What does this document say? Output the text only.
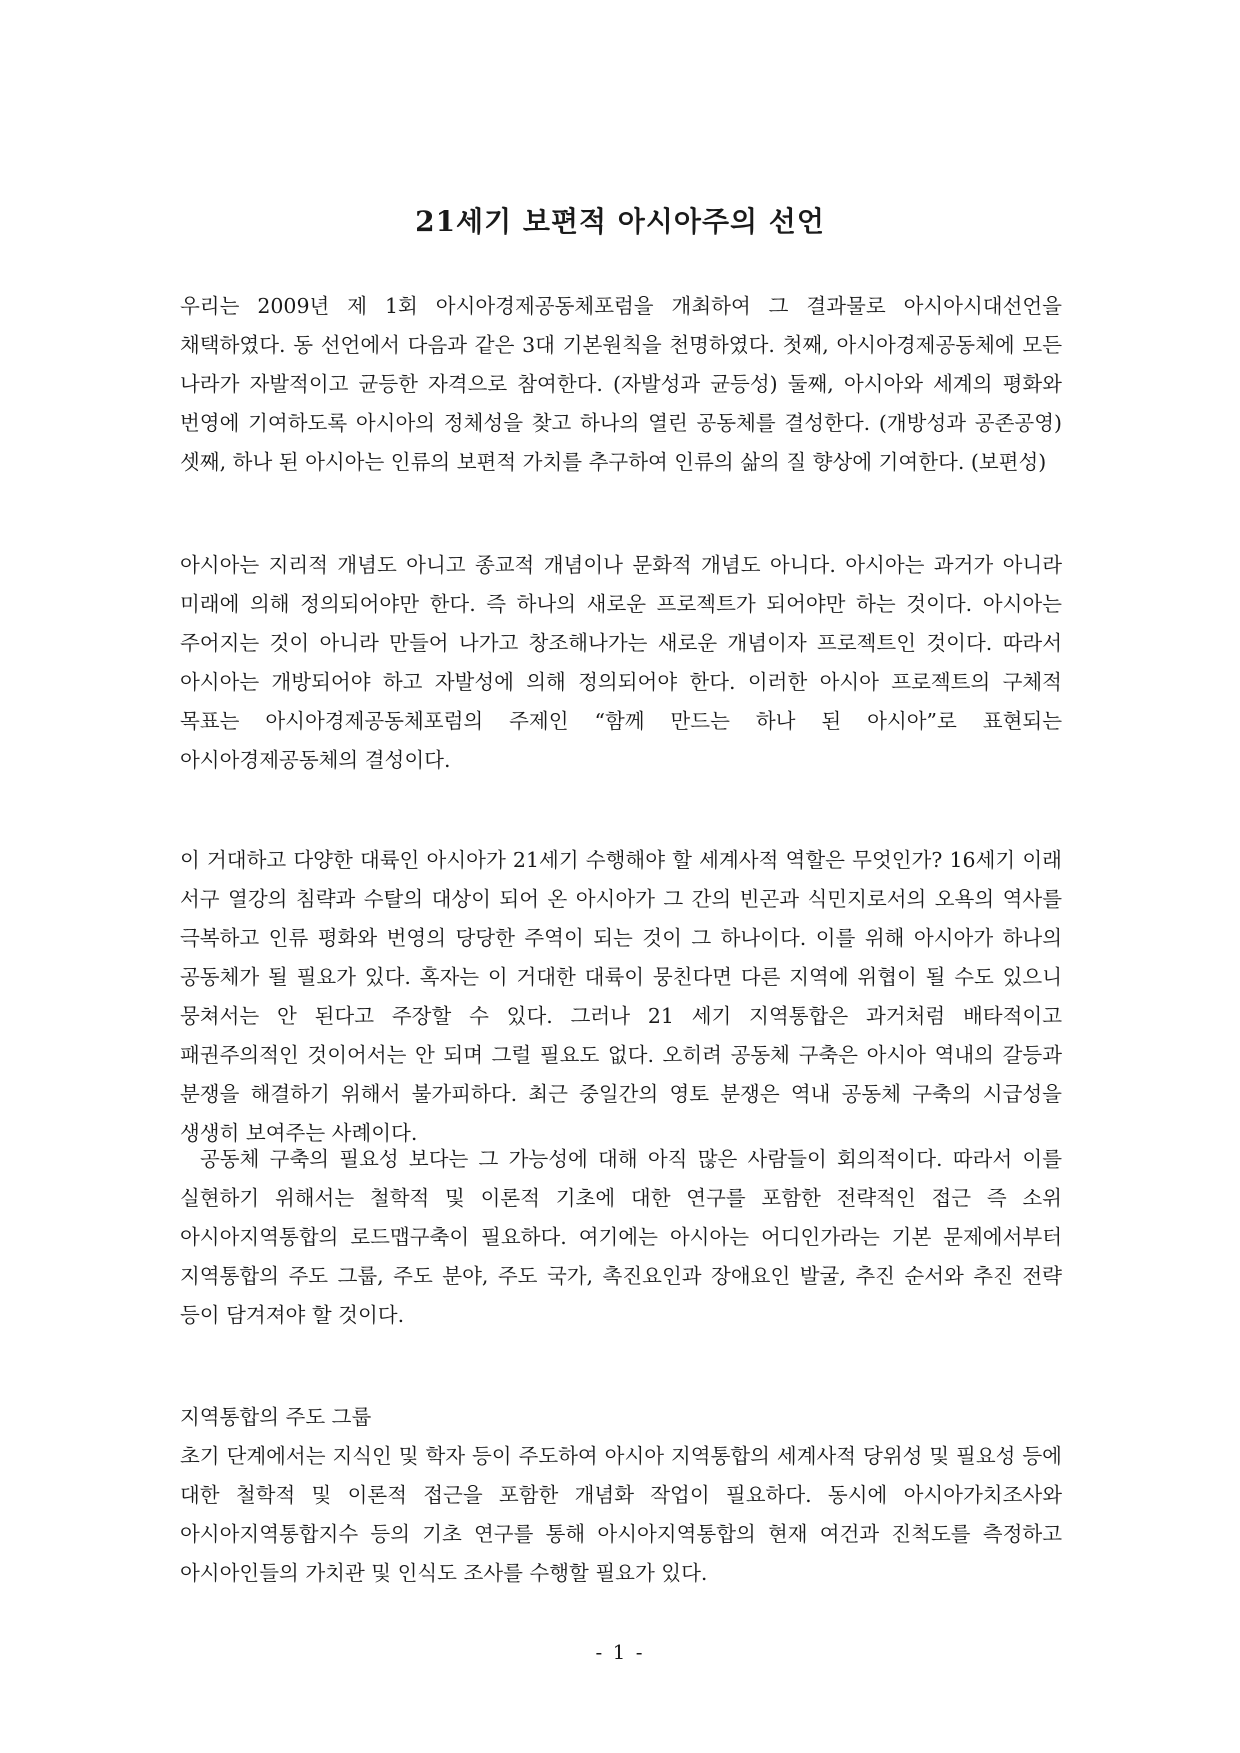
21세기 보편적 아시아주의 선언
우리는 2009년 제 1회 아시아경제공동체포럼을 개최하여 그 결과물로 아시아시대선언을 채택하였다. 동 선언에서 다음과 같은 3대 기본원칙을 천명하였다. 첫째, 아시아경제공동체에 모든 나라가 자발적이고 균등한 자격으로 참여한다. (자발성과 균등성) 둘째, 아시아와 세계의 평화와 번영에 기여하도록 아시아의 정체성을 찾고 하나의 열린 공동체를 결성한다. (개방성과 공존공영) 셋째, 하나 된 아시아는 인류의 보편적 가치를 추구하여 인류의 삶의 질 향상에 기여한다. (보편성)
아시아는 지리적 개념도 아니고 종교적 개념이나 문화적 개념도 아니다. 아시아는 과거가 아니라 미래에 의해 정의되어야만 한다. 즉 하나의 새로운 프로젝트가 되어야만 하는 것이다. 아시아는 주어지는 것이 아니라 만들어 나가고 창조해나가는 새로운 개념이자 프로젝트인 것이다. 따라서 아시아는 개방되어야 하고 자발성에 의해 정의되어야 한다. 이러한 아시아 프로젝트의 구체적 목표는 아시아경제공동체포럼의 주제인 “함께 만드는 하나 된 아시아”로 표현되는 아시아경제공동체의 결성이다.
이 거대하고 다양한 대륙인 아시아가 21세기 수행해야 할 세계사적 역할은 무엇인가? 16세기 이래 서구 열강의 침략과 수탈의 대상이 되어 온 아시아가 그 간의 빈곤과 식민지로서의 오욕의 역사를 극복하고 인류 평화와 번영의 당당한 주역이 되는 것이 그 하나이다. 이를 위해 아시아가 하나의 공동체가 될 필요가 있다. 혹자는 이 거대한 대륙이 뭉친다면 다른 지역에 위협이 될 수도 있으니 뭉쳐서는 안 된다고 주장할 수 있다. 그러나 21 세기 지역통합은 과거처럼 배타적이고 패권주의적인 것이어서는 안 되며 그럴 필요도 없다. 오히려 공동체 구축은 아시아 역내의 갈등과 분쟁을 해결하기 위해서 불가피하다. 최근 중일간의 영토 분쟁은 역내 공동체 구축의 시급성을 생생히 보여주는 사례이다.
공동체 구축의 필요성 보다는 그 가능성에 대해 아직 많은 사람들이 회의적이다. 따라서 이를 실현하기 위해서는 철학적 및 이론적 기초에 대한 연구를 포함한 전략적인 접근 즉 소위 아시아지역통합의 로드맵구축이 필요하다. 여기에는 아시아는 어디인가라는 기본 문제에서부터 지역통합의 주도 그룹, 주도 분야, 주도 국가, 촉진요인과 장애요인 발굴, 추진 순서와 추진 전략 등이 담겨져야 할 것이다.
지역통합의 주도 그룹
초기 단계에서는 지식인 및 학자 등이 주도하여 아시아 지역통합의 세계사적 당위성 및 필요성 등에 대한 철학적 및 이론적 접근을 포함한 개념화 작업이 필요하다. 동시에 아시아가치조사와 아시아지역통합지수 등의 기초 연구를 통해 아시아지역통합의 현재 여건과 진척도를 측정하고 아시아인들의 가치관 및 인식도 조사를 수행할 필요가 있다.
- 1 -
